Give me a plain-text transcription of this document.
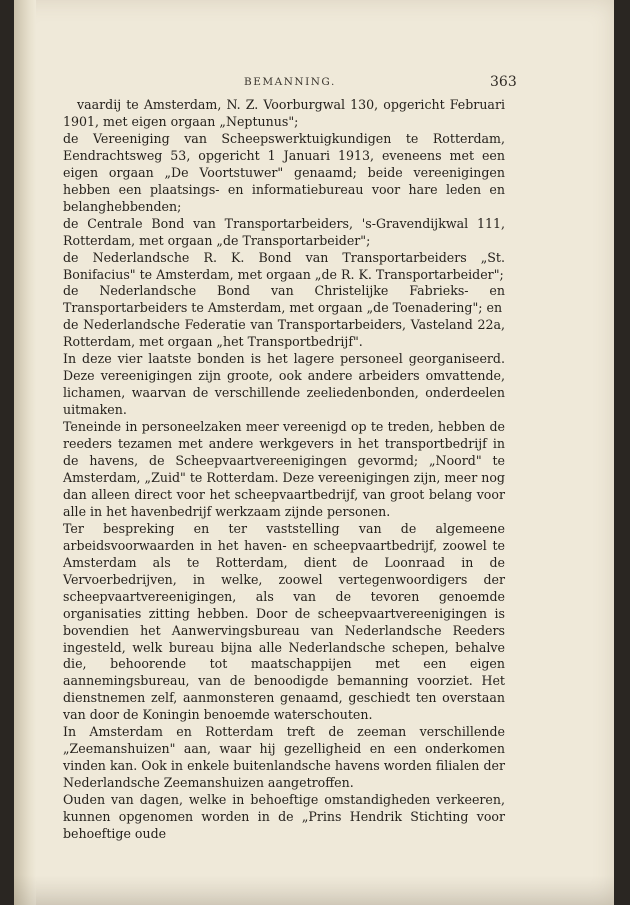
BEMANNING.	363

vaardij te Amsterdam, N. Z. Voorburgwal 130, opgericht Februari 1901, met eigen orgaan „Neptunus";

de Vereeniging van Scheepswerktuigkundigen te Rotterdam, Eendrachtsweg 53, opgericht 1 Januari 1913, eveneens met een eigen orgaan „De Voortstuwer" genaamd; beide vereenigingen hebben een plaatsings- en informatiebureau voor hare leden en belanghebbenden;

de Centrale Bond van Transportarbeiders, 's-Gravendijkwal 111, Rotterdam, met orgaan „de Transportarbeider";

de Nederlandsche R. K. Bond van Transportarbeiders „St. Bonifacius" te Amsterdam, met orgaan „de R. K. Transportarbeider";

de Nederlandsche Bond van Christelijke Fabrieks- en Transportarbeiders te Amsterdam, met orgaan „de Toenadering"; en

de Nederlandsche Federatie van Transportarbeiders, Vasteland 22a, Rotterdam, met orgaan „het Transportbedrijf".

In deze vier laatste bonden is het lagere personeel georganiseerd. Deze vereenigingen zijn groote, ook andere arbeiders omvattende, lichamen, waarvan de verschillende zeeliedenbonden, onderdeelen uitmaken.

Teneinde in personeelzaken meer vereenigd op te treden, hebben de reeders tezamen met andere werkgevers in het transportbedrijf in de havens, de Scheepvaartvereenigingen gevormd; „Noord" te Amsterdam, „Zuid" te Rotterdam. Deze vereenigingen zijn, meer nog dan alleen direct voor het scheepvaartbedrijf, van groot belang voor alle in het havenbedrijf werkzaam zijnde personen.

Ter bespreking en ter vaststelling van de algemeene arbeidsvoorwaarden in het haven- en scheepvaartbedrijf, zoowel te Amsterdam als te Rotterdam, dient de Loonraad in de Vervoerbedrijven, in welke, zoowel vertegenwoordigers der scheepvaartvereenigingen, als van de tevoren genoemde organisaties zitting hebben. Door de scheepvaartvereenigingen is bovendien het Aanwervingsbureau van Nederlandsche Reeders ingesteld, welk bureau bijna alle Nederlandsche schepen, behalve die, behoorende tot maatschappijen met een eigen aannemingsbureau, van de benoodigde bemanning voorziet. Het dienstnemen zelf, aanmonsteren genaamd, geschiedt ten overstaan van door de Koningin benoemde waterschouten.

In Amsterdam en Rotterdam treft de zeeman verschillende „Zeemanshuizen" aan, waar hij gezelligheid en een onderkomen vinden kan. Ook in enkele buitenlandsche havens worden filialen der Nederlandsche Zeemanshuizen aangetroffen.

Ouden van dagen, welke in behoeftige omstandigheden verkeeren, kunnen opgenomen worden in de „Prins Hendrik Stichting voor behoeftige oude
